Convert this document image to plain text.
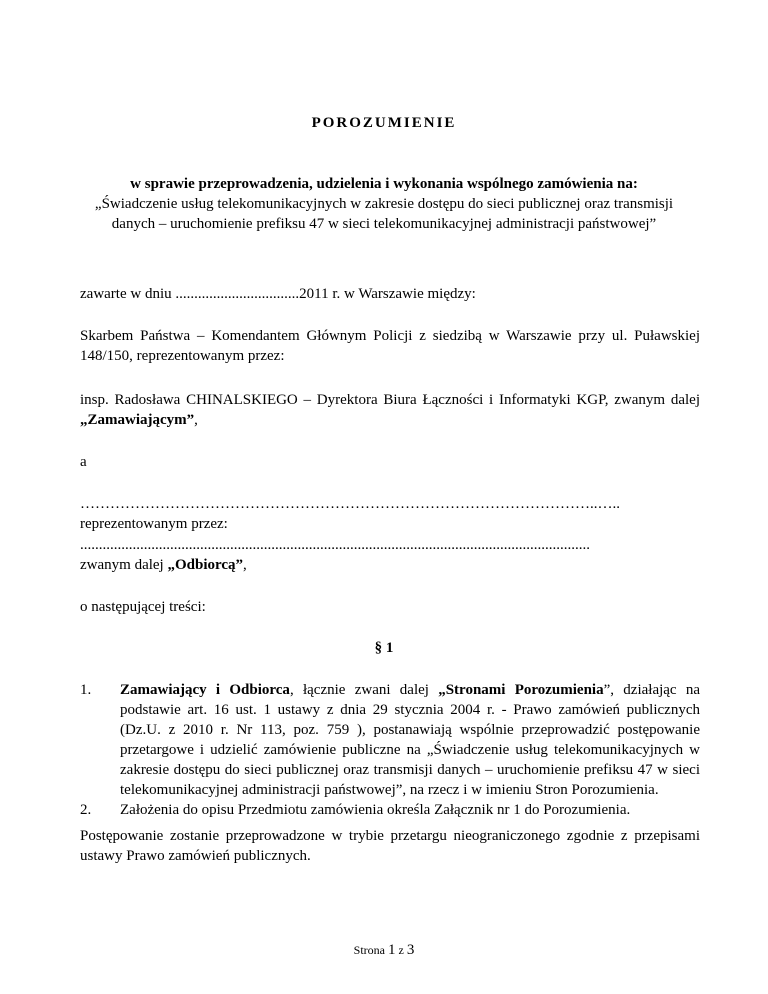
POROZUMIENIE
w sprawie przeprowadzenia, udzielenia i wykonania wspólnego zamówienia na:
„Świadczenie usług telekomunikacyjnych w zakresie dostępu do sieci publicznej oraz transmisji
danych – uruchomienie prefiksu 47 w sieci telekomunikacyjnej administracji państwowej”
zawarte w dniu .................................2011 r. w Warszawie między:
Skarbem Państwa – Komendantem Głównym Policji z siedzibą w Warszawie przy ul. Puławskiej 148/150, reprezentowanym przez:
insp. Radosława CHINALSKIEGO – Dyrektora Biura Łączności i Informatyki KGP, zwanym dalej „Zamawiającym”,
a
…………………………………………………………………………………………..…..
reprezentowanym przez:
........................................................................................................................................
zwanym dalej „Odbiorcą”,
o następującej treści:
§ 1
1. Zamawiający i Odbiorca, łącznie zwani dalej „Stronami Porozumienia”, działając na podstawie art. 16 ust. 1 ustawy z dnia 29 stycznia 2004 r. - Prawo zamówień publicznych (Dz.U. z 2010 r. Nr 113, poz. 759 ), postanawiają wspólnie przeprowadzić postępowanie przetargowe i udzielić zamówienie publiczne na „Świadczenie usług telekomunikacyjnych w zakresie dostępu do sieci publicznej oraz transmisji danych – uruchomienie prefiksu 47 w sieci telekomunikacyjnej administracji państwowej”, na rzecz i w imieniu Stron Porozumienia.
2. Założenia do opisu Przedmiotu zamówienia określa Załącznik nr 1 do Porozumienia.
Postępowanie zostanie przeprowadzone w trybie przetargu nieograniczonego zgodnie z przepisami ustawy Prawo zamówień publicznych.
Strona 1 z 3
